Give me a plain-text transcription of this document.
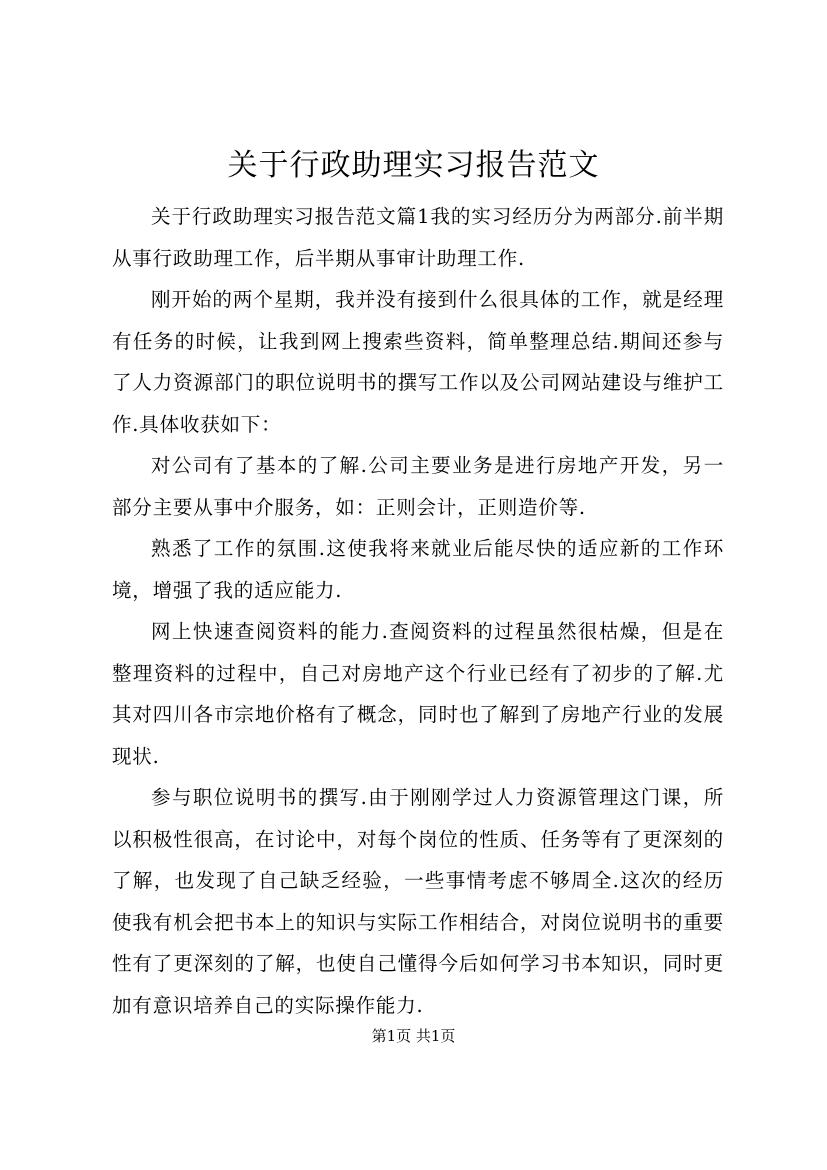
关于行政助理实习报告范文

关于行政助理实习报告范文篇1我的实习经历分为两部分.前半期从事行政助理工作，后半期从事审计助理工作.

刚开始的两个星期，我并没有接到什么很具体的工作，就是经理有任务的时候，让我到网上搜索些资料，简单整理总结.期间还参与了人力资源部门的职位说明书的撰写工作以及公司网站建设与维护工作.具体收获如下：

对公司有了基本的了解.公司主要业务是进行房地产开发，另一部分主要从事中介服务，如：正则会计，正则造价等.

熟悉了工作的氛围.这使我将来就业后能尽快的适应新的工作环境，增强了我的适应能力.

网上快速查阅资料的能力.查阅资料的过程虽然很枯燥，但是在整理资料的过程中，自己对房地产这个行业已经有了初步的了解.尤其对四川各市宗地价格有了概念，同时也了解到了房地产行业的发展现状.

参与职位说明书的撰写.由于刚刚学过人力资源管理这门课，所以积极性很高，在讨论中，对每个岗位的性质、任务等有了更深刻的了解，也发现了自己缺乏经验，一些事情考虑不够周全.这次的经历使我有机会把书本上的知识与实际工作相结合，对岗位说明书的重要性有了更深刻的了解，也使自己懂得今后如何学习书本知识，同时更加有意识培养自己的实际操作能力.

第1页 共1页
